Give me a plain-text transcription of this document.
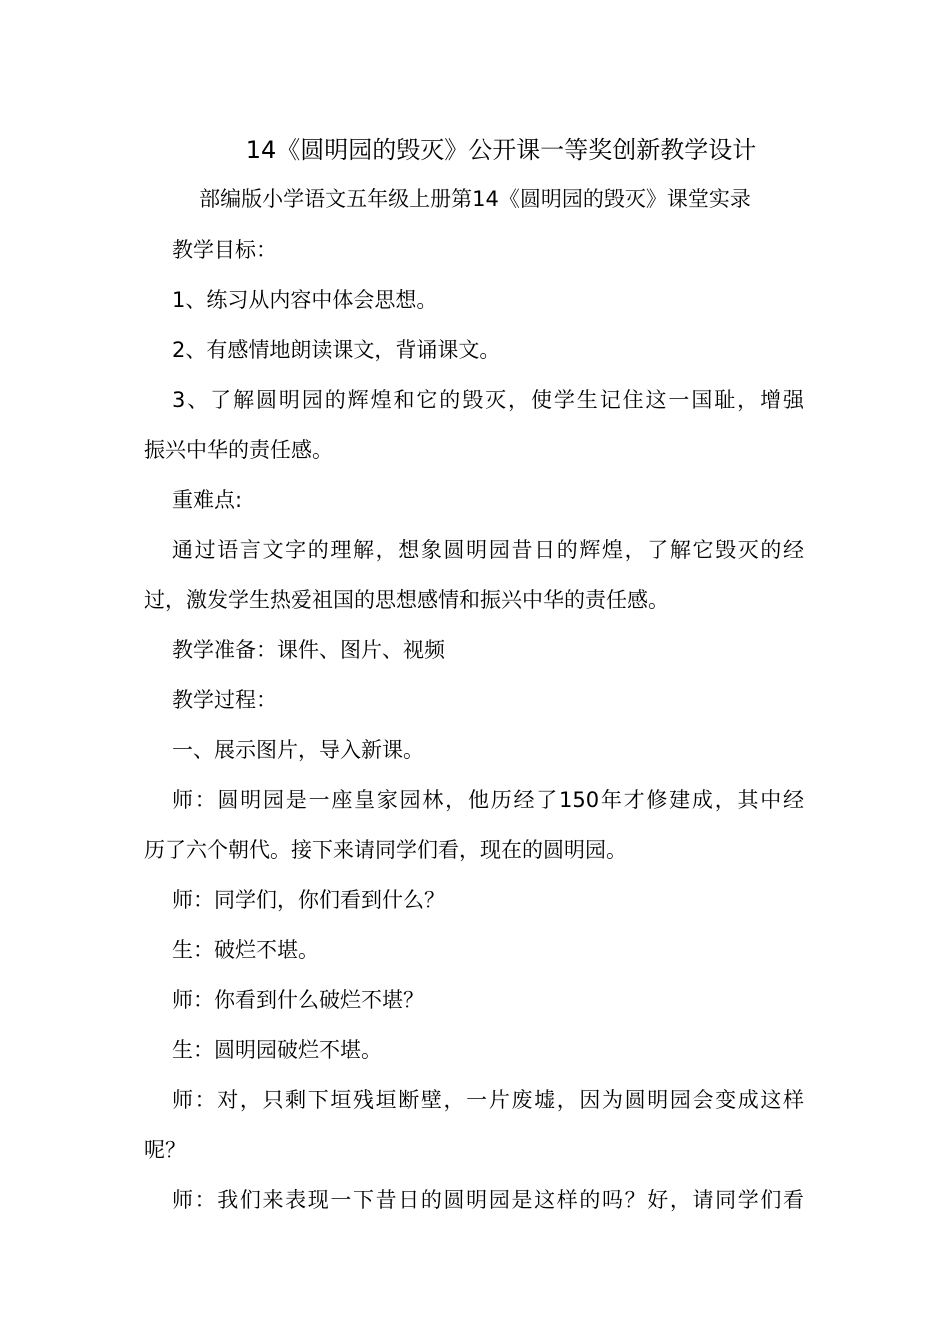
14《圆明园的毁灭》公开课一等奖创新教学设计
部编版小学语文五年级上册第14《圆明园的毁灭》课堂实录
教学目标：
1、练习从内容中体会思想。
2、有感情地朗读课文，背诵课文。
3、了解圆明园的辉煌和它的毁灭，使学生记住这一国耻，增强
振兴中华的责任感。
重难点:
通过语言文字的理解，想象圆明园昔日的辉煌，了解它毁灭的经
过，激发学生热爱祖国的思想感情和振兴中华的责任感。
教学准备：课件、图片、视频
教学过程：
一、展示图片，导入新课。
师：圆明园是一座皇家园林，他历经了150年才修建成，其中经
历了六个朝代。接下来请同学们看，现在的圆明园。
师：同学们，你们看到什么？
生：破烂不堪。
师：你看到什么破烂不堪？
生：圆明园破烂不堪。
师：对，只剩下垣残垣断壁，一片废墟，因为圆明园会变成这样
呢？
师：我们来表现一下昔日的圆明园是这样的吗？好，请同学们看
